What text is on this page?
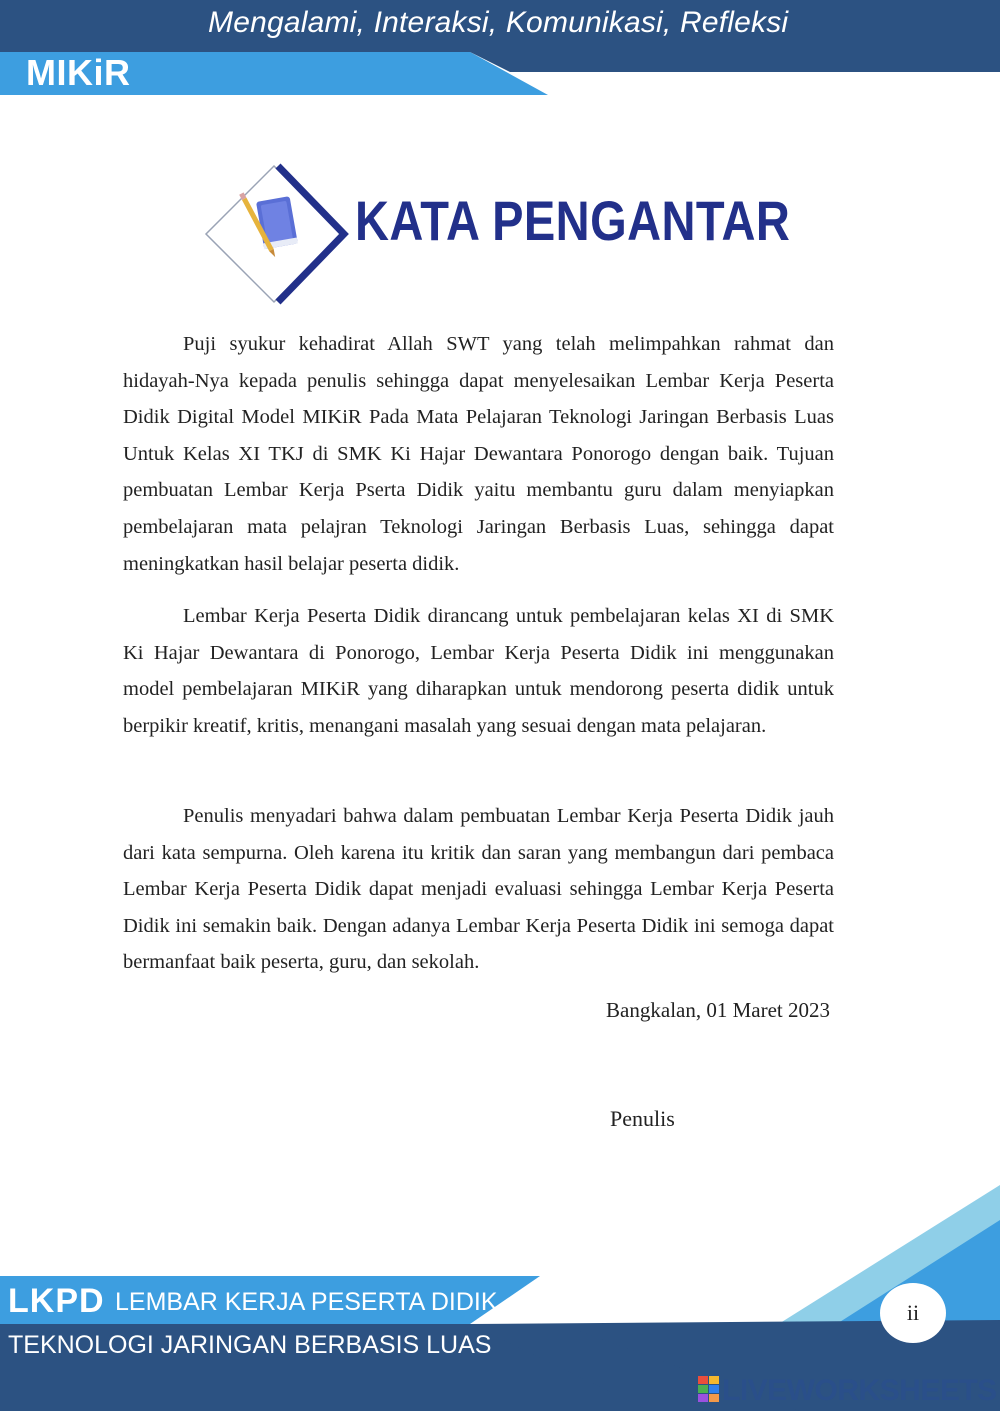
Mengalami, Interaksi, Komunikasi, Refleksi
MIKiR
KATA PENGANTAR

Puji syukur kehadirat Allah SWT yang telah melimpahkan rahmat dan hidayah-Nya kepada penulis sehingga dapat menyelesaikan Lembar Kerja Peserta Didik Digital Model MIKiR Pada Mata Pelajaran Teknologi Jaringan Berbasis Luas Untuk Kelas XI TKJ di SMK Ki Hajar Dewantara Ponorogo dengan baik. Tujuan pembuatan Lembar Kerja Pserta Didik yaitu membantu guru dalam menyiapkan pembelajaran mata pelajran Teknologi Jaringan Berbasis Luas, sehingga dapat meningkatkan hasil belajar peserta didik.

Lembar Kerja Peserta Didik dirancang untuk pembelajaran kelas XI di SMK Ki Hajar Dewantara di Ponorogo, Lembar Kerja Peserta Didik ini menggunakan model pembelajaran MIKiR yang diharapkan untuk mendorong peserta didik untuk berpikir kreatif, kritis, menangani masalah yang sesuai dengan mata pelajaran.

Penulis menyadari bahwa dalam pembuatan Lembar Kerja Peserta Didik jauh dari kata sempurna. Oleh karena itu kritik dan saran yang membangun dari pembaca Lembar Kerja Peserta Didik dapat menjadi evaluasi sehingga Lembar Kerja Peserta Didik ini semakin baik. Dengan adanya Lembar Kerja Peserta Didik ini semoga dapat bermanfaat baik peserta, guru, dan sekolah.

Bangkalan, 01 Maret 2023
Penulis
LKPD LEMBAR KERJA PESERTA DIDIK
TEKNOLOGI JARINGAN BERBASIS LUAS
ii
LIVEWORKSHEETS
